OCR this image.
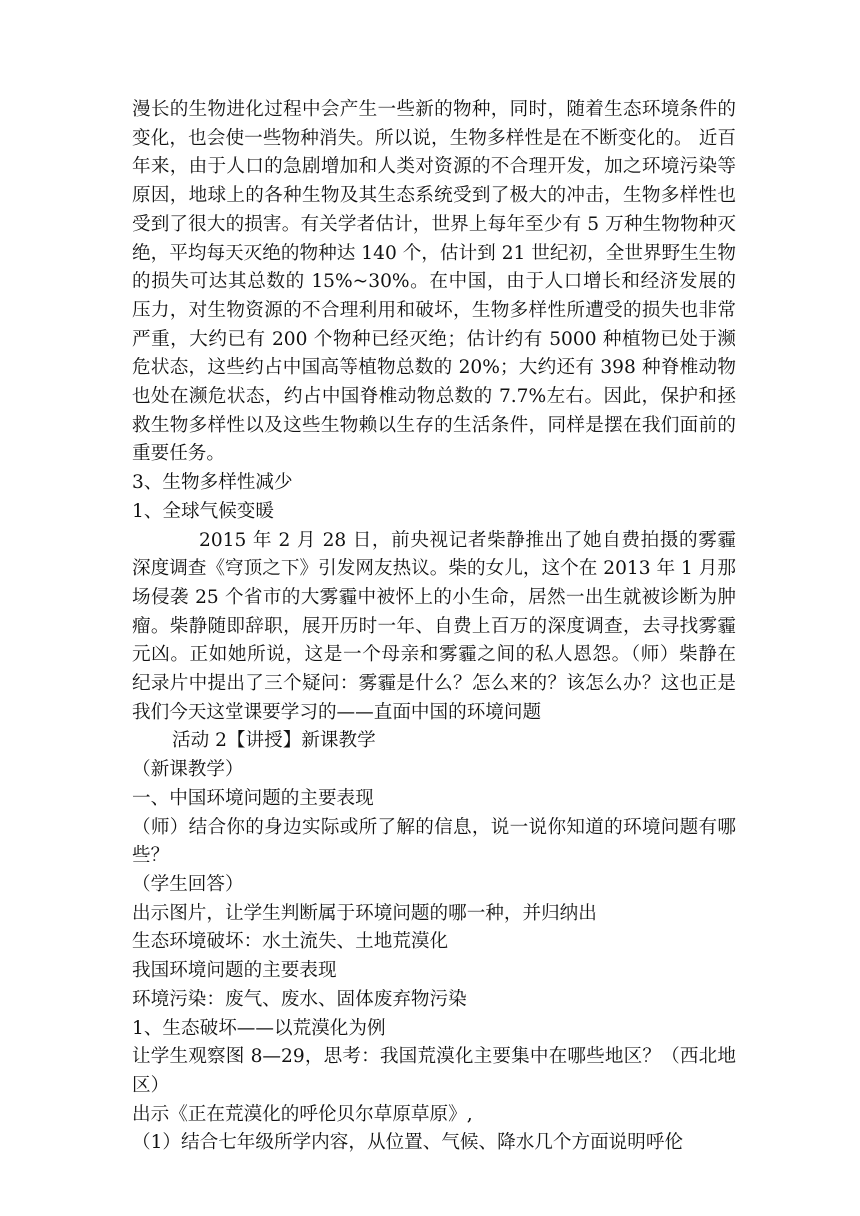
漫长的生物进化过程中会产生一些新的物种，同时，随着生态环境条件的变化，也会使一些物种消失。所以说，生物多样性是在不断变化的。 近百年来，由于人口的急剧增加和人类对资源的不合理开发，加之环境污染等原因，地球上的各种生物及其生态系统受到了极大的冲击，生物多样性也受到了很大的损害。有关学者估计，世界上每年至少有 5 万种生物物种灭绝，平均每天灭绝的物种达 140 个，估计到 21 世纪初，全世界野生生物的损失可达其总数的 15%~30%。在中国，由于人口增长和经济发展的压力，对生物资源的不合理利用和破坏，生物多样性所遭受的损失也非常严重，大约已有 200 个物种已经灭绝；估计约有 5000 种植物已处于濒危状态，这些约占中国高等植物总数的 20%；大约还有 398 种脊椎动物也处在濒危状态，约占中国脊椎动物总数的 7.7%左右。因此，保护和拯救生物多样性以及这些生物赖以生存的生活条件，同样是摆在我们面前的重要任务。

3、生物多样性减少

1、全球气候变暖

2015 年 2 月 28 日，前央视记者柴静推出了她自费拍摄的雾霾深度调查《穹顶之下》引发网友热议。柴的女儿，这个在 2013 年 1 月那场侵袭 25 个省市的大雾霾中被怀上的小生命，居然一出生就被诊断为肿瘤。柴静随即辞职，展开历时一年、自费上百万的深度调查，去寻找雾霾元凶。正如她所说，这是一个母亲和雾霾之间的私人恩怨。（师）柴静在纪录片中提出了三个疑问：雾霾是什么？怎么来的？该怎么办？这也正是我们今天这堂课要学习的——直面中国的环境问题

活动 2【讲授】新课教学

（新课教学）

一、中国环境问题的主要表现

（师）结合你的身边实际或所了解的信息，说一说你知道的环境问题有哪些？

（学生回答）

出示图片，让学生判断属于环境问题的哪一种，并归纳出

生态环境破坏：水土流失、土地荒漠化

我国环境问题的主要表现

环境污染：废气、废水、固体废弃物污染

1、生态破坏——以荒漠化为例

让学生观察图 8—29，思考：我国荒漠化主要集中在哪些地区？（西北地区）

出示《正在荒漠化的呼伦贝尔草原草原》,

（1）结合七年级所学内容，从位置、气候、降水几个方面说明呼伦
